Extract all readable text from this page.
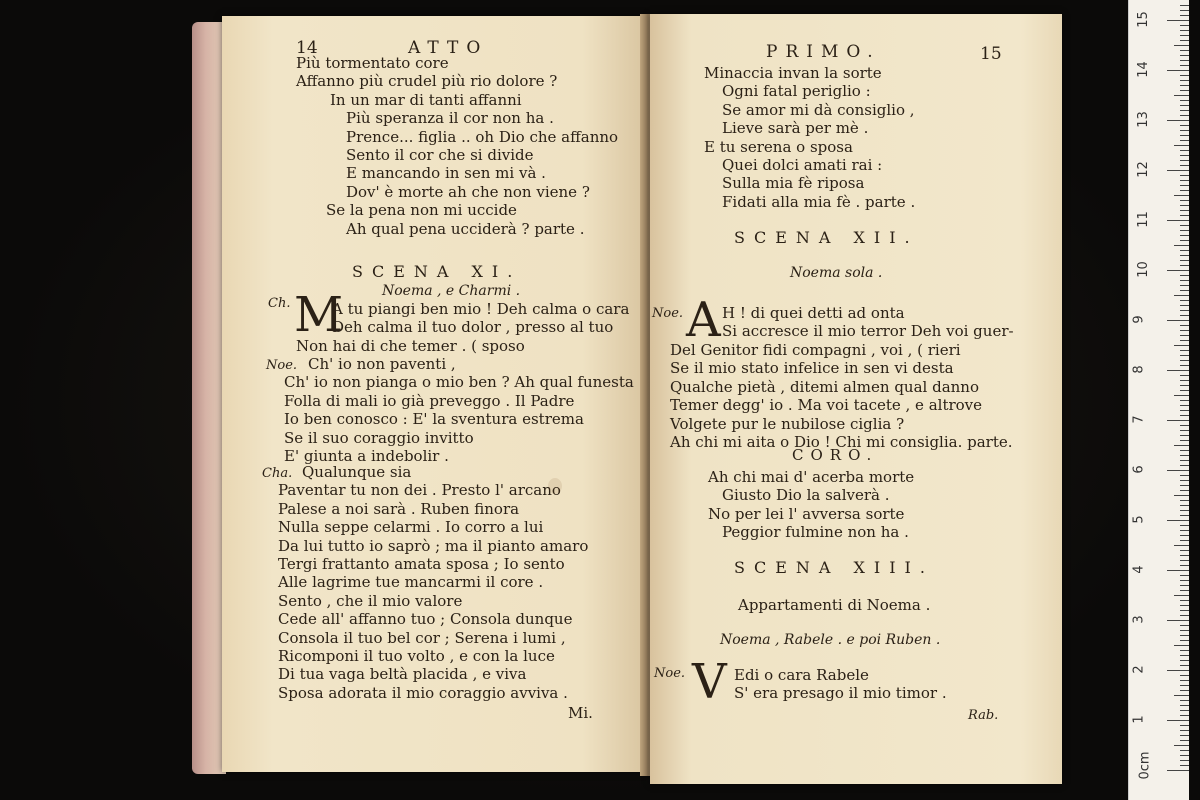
14	ATTO
Più tormentato core
Affanno più crudel più rio dolore ?
In un mar di tanti affanni
Più speranza il cor non ha .
Prence... figlia .. oh Dio che affanno
Sento il cor che si divide
E mancando in sen mi và .
Dov' è morte ah che non viene ?
Se la pena non mi uccide
Ah qual pena ucciderà ? parte .
SCENA XI.
Noema , e Charmi .
Ch. M
A tu piangi ben mio ! Deh calma o cara
Deh calma il tuo dolor , presso al tuo
Non hai di che temer . ( sposo
Noe. Ch' io non paventi ,
Ch' io non pianga o mio ben ? Ah qual funesta
Folla di mali io già preveggo . Il Padre
Io ben conosco : E' la sventura estrema
Se il suo coraggio invitto
E' giunta a indebolir .
Cha. Qualunque sia
Paventar tu non dei . Presto l' arcano
Palese a noi sarà . Ruben finora
Nulla seppe celarmi . Io corro a lui
Da lui tutto io saprò ; ma il pianto amaro
Tergi frattanto amata sposa ; Io sento
Alle lagrime tue mancarmi il core .
Sento , che il mio valore
Cede all' affanno tuo ; Consola dunque
Consola il tuo bel cor ; Serena i lumi ,
Ricomponi il tuo volto , e con la luce
Di tua vaga beltà placida , e viva
Sposa adorata il mio coraggio avviva .
Mi.
PRIMO.	15
Minaccia invan la sorte
Ogni fatal periglio :
Se amor mi dà consiglio ,
Lieve sarà per mè .
E tu serena o sposa
Quei dolci amati rai :
Sulla mia fè riposa
Fidati alla mia fè . parte .
SCENA XII.
Noema sola .
Noe. A H ! di quei detti ad onta
Si accresce il mio terror Deh voi guer-
Del Genitor fidi compagni , voi , ( rieri
Se il mio stato infelice in sen vi desta
Qualche pietà , ditemi almen qual danno
Temer degg' io . Ma voi tacete , e altrove
Volgete pur le nubilose ciglia ?
Ah chi mi aita o Dio ! Chi mi consiglia. parte.
CORO.
Ah chi mai d' acerba morte
Giusto Dio la salverà .
No per lei l' avversa sorte
Peggior fulmine non ha .
SCENA XIII.
Appartamenti di Noema .
Noema , Rabele . e poi Ruben .
Noe. V Edi o cara Rabele
S' era presago il mio timor .
Rab.
0cm
1
2
3
4
5
6
7
8
9
10
11
12
13
14
15
